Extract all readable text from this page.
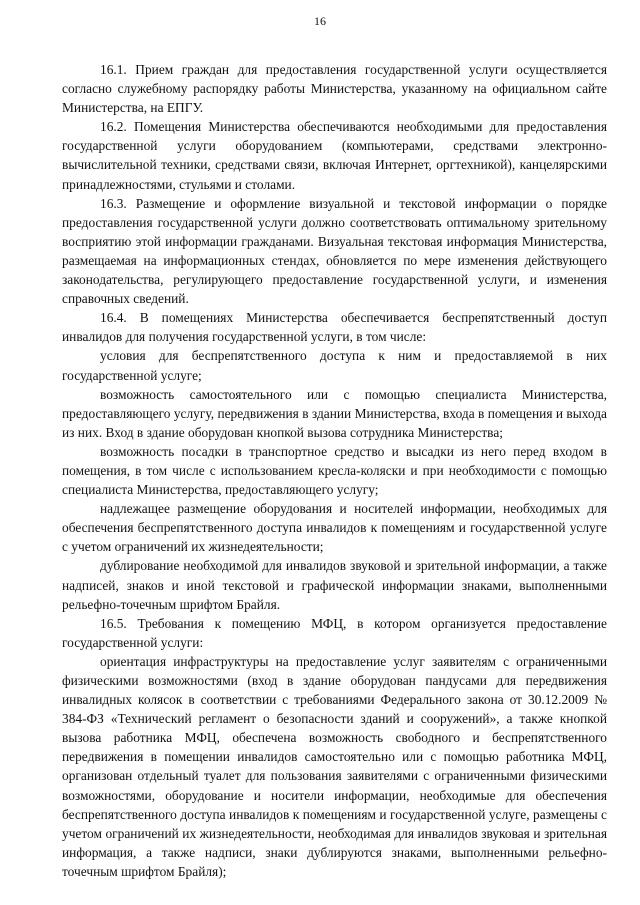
16

16.1. Прием граждан для предоставления государственной услуги осуществляется согласно служебному распорядку работы Министерства, указанному на официальном сайте Министерства, на ЕПГУ.

16.2. Помещения Министерства обеспечиваются необходимыми для предоставления государственной услуги оборудованием (компьютерами, средствами электронно-вычислительной техники, средствами связи, включая Интернет, оргтехникой), канцелярскими принадлежностями, стульями и столами.

16.3. Размещение и оформление визуальной и текстовой информации о порядке предоставления государственной услуги должно соответствовать оптимальному зрительному восприятию этой информации гражданами. Визуальная текстовая информация Министерства, размещаемая на информационных стендах, обновляется по мере изменения действующего законодательства, регулирующего предоставление государственной услуги, и изменения справочных сведений.

16.4. В помещениях Министерства обеспечивается беспрепятственный доступ инвалидов для получения государственной услуги, в том числе:

условия для беспрепятственного доступа к ним и предоставляемой в них государственной услуге;

возможность самостоятельного или с помощью специалиста Министерства, предоставляющего услугу, передвижения в здании Министерства, входа в помещения и выхода из них. Вход в здание оборудован кнопкой вызова сотрудника Министерства;

возможность посадки в транспортное средство и высадки из него перед входом в помещения, в том числе с использованием кресла-коляски и при необходимости с помощью специалиста Министерства, предоставляющего услугу;

надлежащее размещение оборудования и носителей информации, необходимых для обеспечения беспрепятственного доступа инвалидов к помещениям и государственной услуге с учетом ограничений их жизнедеятельности;

дублирование необходимой для инвалидов звуковой и зрительной информации, а также надписей, знаков и иной текстовой и графической информации знаками, выполненными рельефно-точечным шрифтом Брайля.

16.5. Требования к помещению МФЦ, в котором организуется предоставление государственной услуги:

ориентация инфраструктуры на предоставление услуг заявителям с ограниченными физическими возможностями (вход в здание оборудован пандусами для передвижения инвалидных колясок в соответствии с требованиями Федерального закона от 30.12.2009 № 384-ФЗ «Технический регламент о безопасности зданий и сооружений», а также кнопкой вызова работника МФЦ, обеспечена возможность свободного и беспрепятственного передвижения в помещении инвалидов самостоятельно или с помощью работника МФЦ, организован отдельный туалет для пользования заявителями с ограниченными физическими возможностями, оборудование и носители информации, необходимые для обеспечения беспрепятственного доступа инвалидов к помещениям и государственной услуге, размещены с учетом ограничений их жизнедеятельности, необходимая для инвалидов звуковая и зрительная информация, а также надписи, знаки дублируются знаками, выполненными рельефно-точечным шрифтом Брайля);
